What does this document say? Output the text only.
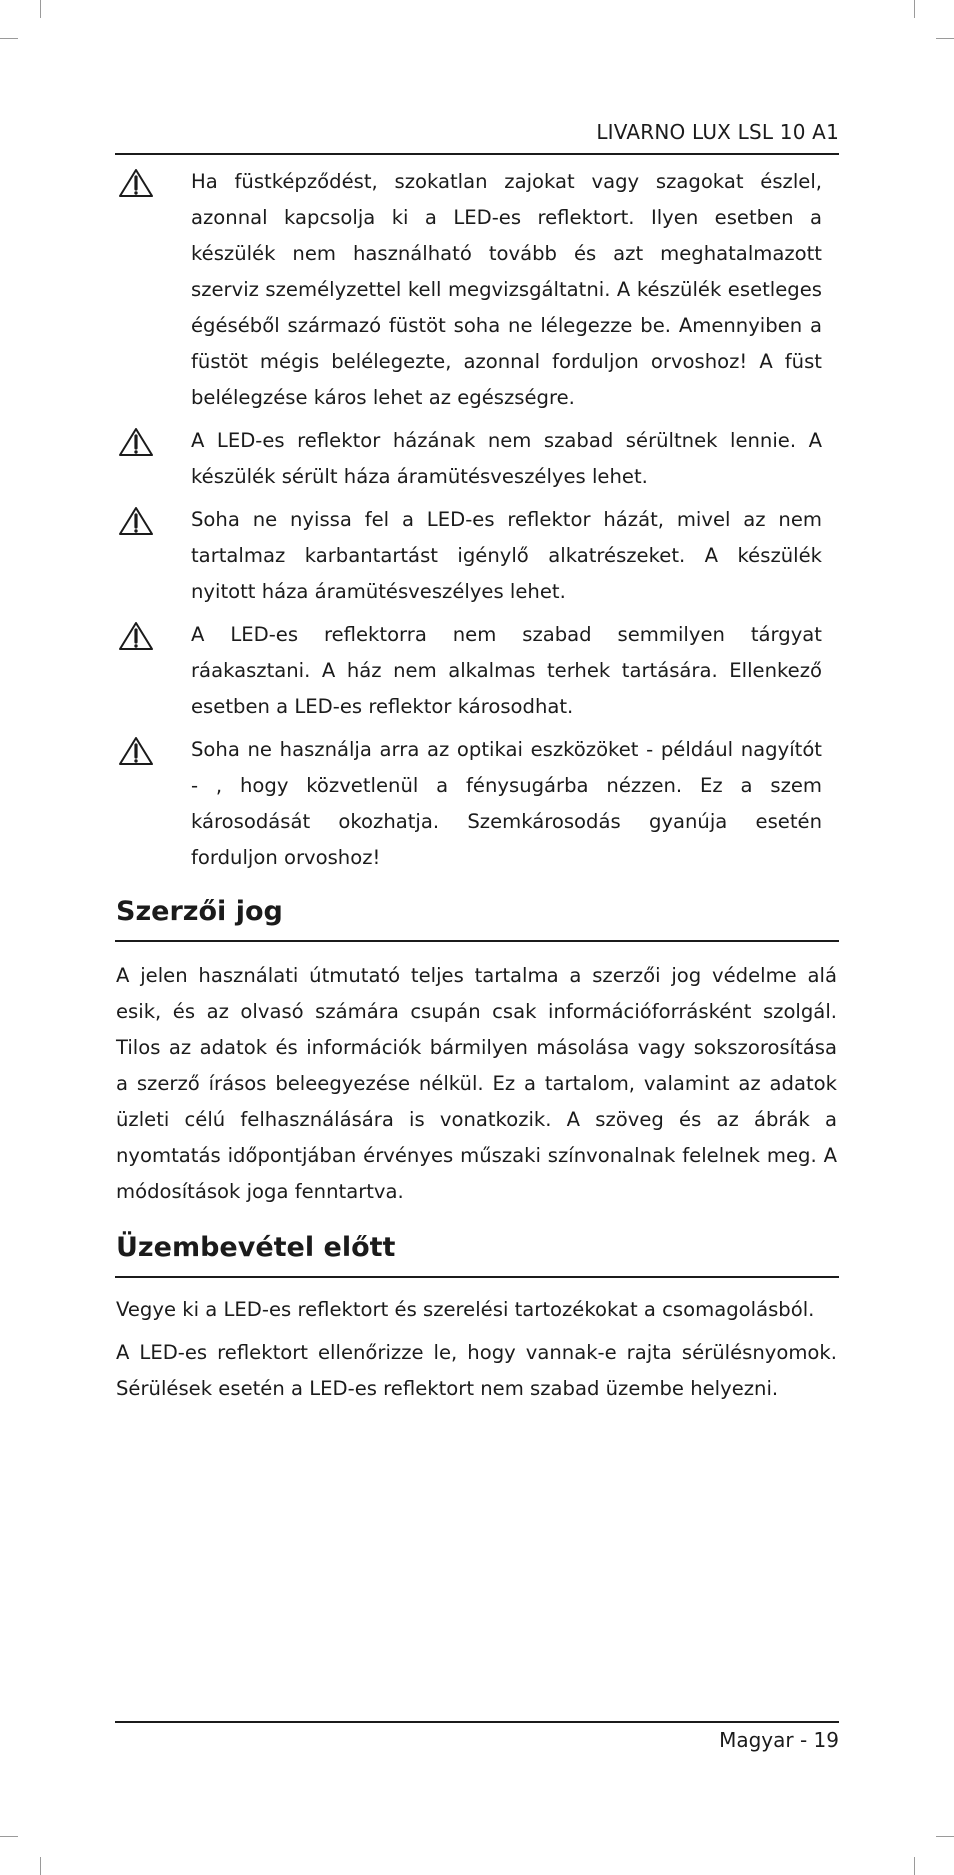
LIVARNO LUX LSL 10 A1

Ha füstképződést, szokatlan zajokat vagy szagokat észlel, azonnal kapcsolja ki a LED-es reflektort. Ilyen esetben a készülék nem használható tovább és azt meghatalmazott szerviz személyzettel kell megvizsgáltatni. A készülék esetleges égéséből származó füstöt soha ne lélegezze be. Amennyiben a füstöt mégis belélegezte, azonnal forduljon orvoshoz! A füst belélegzése káros lehet az egészségre.

A LED-es reflektor házának nem szabad sérültnek lennie. A készülék sérült háza áramütésveszélyes lehet.

Soha ne nyissa fel a LED-es reflektor házát, mivel az nem tartalmaz karbantartást igénylő alkatrészeket. A készülék nyitott háza áramütésveszélyes lehet.

A LED-es reflektorra nem szabad semmilyen tárgyat ráakasztani. A ház nem alkalmas terhek tartására. Ellenkező esetben a LED-es reflektor károsodhat.

Soha ne használja arra az optikai eszközöket - például nagyítót - , hogy közvetlenül a fénysugárba nézzen. Ez a szem károsodását okozhatja. Szemkárosodás gyanúja esetén forduljon orvoshoz!

Szerzői jog

A jelen használati útmutató teljes tartalma a szerzői jog védelme alá esik, és az olvasó számára csupán csak információforrásként szolgál. Tilos az adatok és információk bármilyen másolása vagy sokszorosítása a szerző írásos beleegyezése nélkül. Ez a tartalom, valamint az adatok üzleti célú felhasználására is vonatkozik. A szöveg és az ábrák a nyomtatás időpontjában érvényes műszaki színvonalnak felelnek meg. A módosítások joga fenntartva.

Üzembevétel előtt

Vegye ki a LED-es reflektort és szerelési tartozékokat a csomagolásból.

A LED-es reflektort ellenőrizze le, hogy vannak-e rajta sérülésnyomok. Sérülések esetén a LED-es reflektort nem szabad üzembe helyezni.

Magyar - 19
